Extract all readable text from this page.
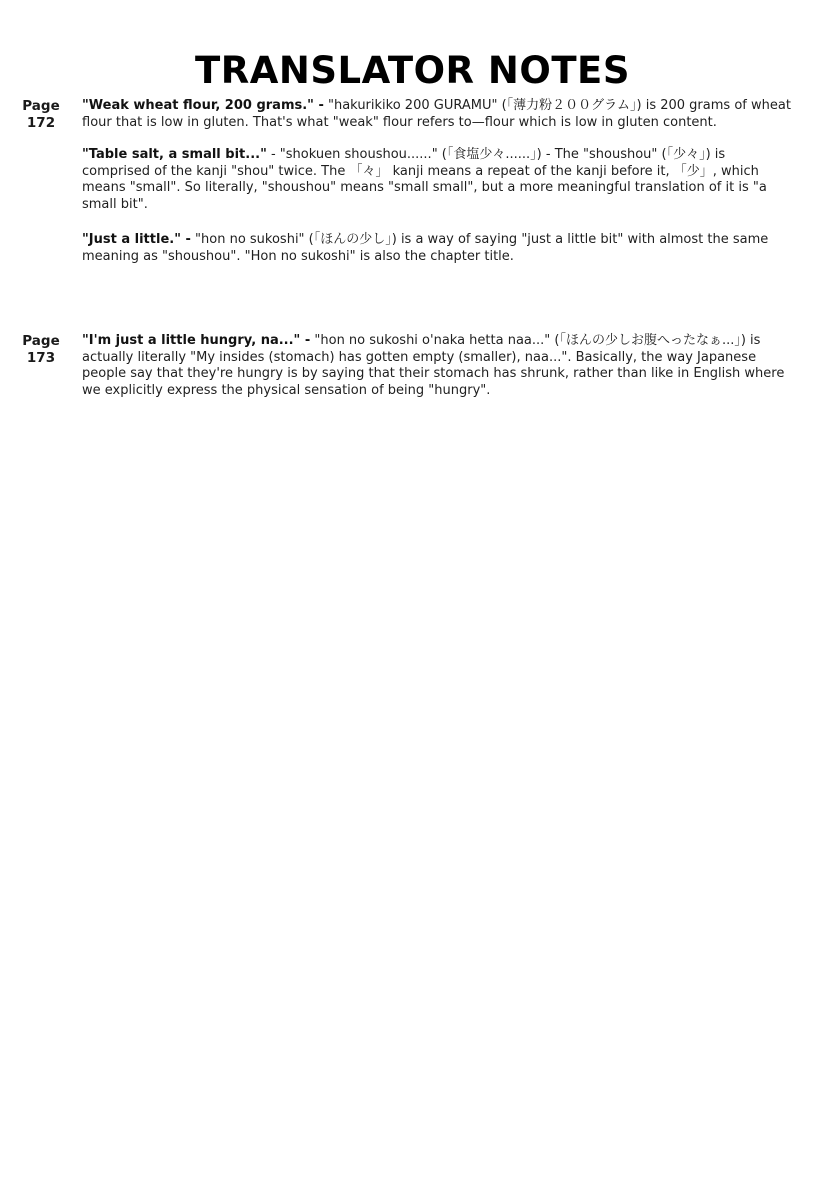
TRANSLATOR NOTES
Page
172

"Weak wheat flour, 200 grams." - "hakurikiko 200 GURAMU" (「薄力粉２００グラム」) is 200 grams of wheat flour that is low in gluten. That's what "weak" flour refers to—flour which is low in gluten content.

"Table salt, a small bit..." - "shokuen shoushou......" (「食塩少々......」) - The "shoushou" (「少々」) is comprised of the kanji "shou" twice. The 「々」 kanji means a repeat of the kanji before it, 「少」, which means "small". So literally, "shoushou" means "small small", but a more meaningful translation of it is "a small bit".

"Just a little." - "hon no sukoshi" (「ほんの少し」) is a way of saying "just a little bit" with almost the same meaning as "shoushou". "Hon no sukoshi" is also the chapter title.

Page
173

"I'm just a little hungry, na..." - "hon no sukoshi o'naka hetta naa..." (「ほんの少しお腹へったなぁ...」) is actually literally "My insides (stomach) has gotten empty (smaller), naa...". Basically, the way Japanese people say that they're hungry is by saying that their stomach has shrunk, rather than like in English where we explicitly express the physical sensation of being "hungry".
